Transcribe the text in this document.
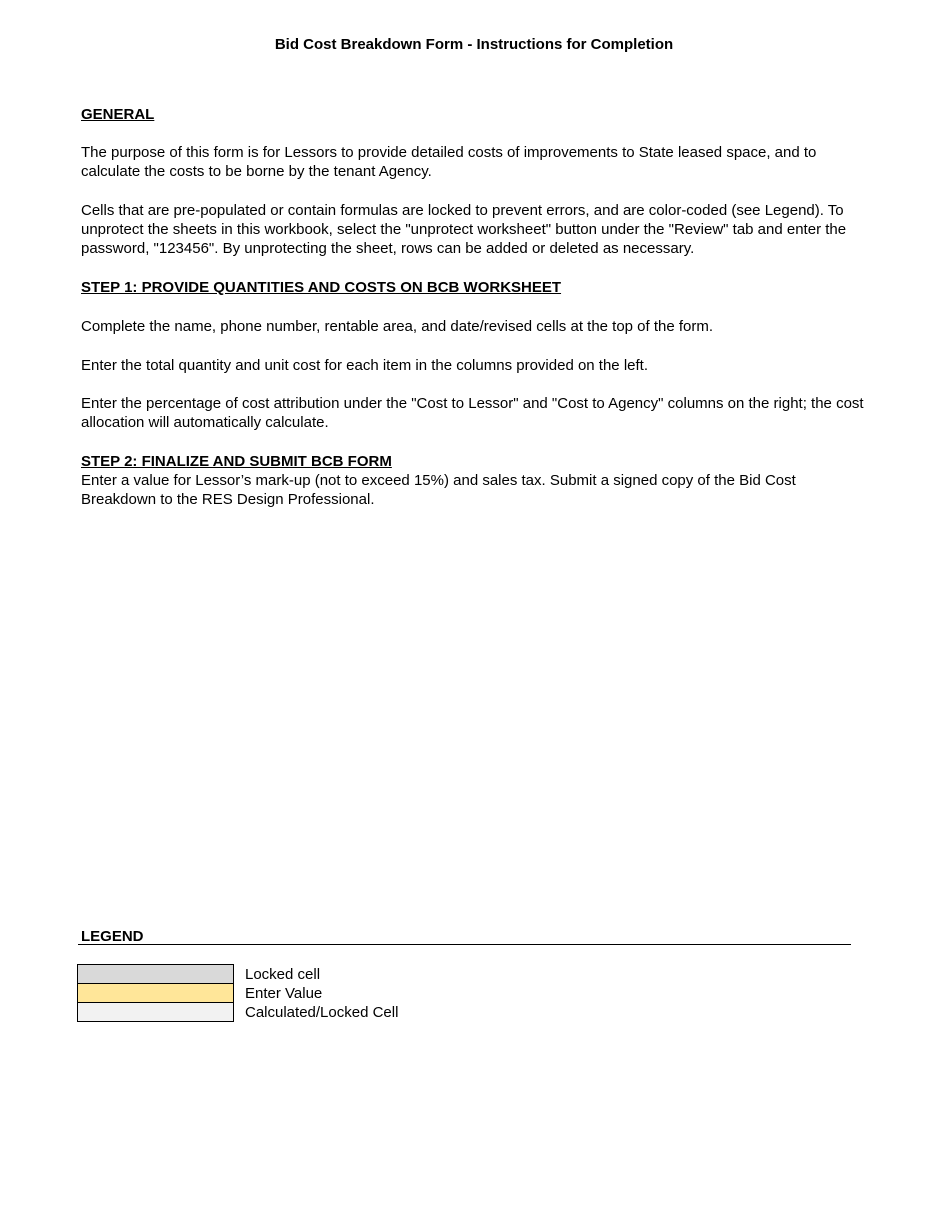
Bid Cost Breakdown Form - Instructions for Completion
GENERAL

The purpose of this form is for Lessors to provide detailed costs of improvements to State leased space, and to calculate the costs to be borne by the tenant Agency.

Cells that are pre-populated or contain formulas are locked to prevent errors, and are color-coded (see Legend). To unprotect the sheets in this workbook, select the "unprotect worksheet" button under the "Review" tab and enter the password, "123456". By unprotecting the sheet, rows can be added or deleted as necessary.

STEP 1: PROVIDE QUANTITIES AND COSTS ON BCB WORKSHEET

Complete the name, phone number, rentable area, and date/revised cells at the top of the form.

Enter the total quantity and unit cost for each item in the columns provided on the left.

Enter the percentage of cost attribution under the "Cost to Lessor" and "Cost to Agency" columns on the right; the cost allocation will automatically calculate.

STEP 2: FINALIZE AND SUBMIT BCB FORM

Enter a value for Lessor’s mark-up (not to exceed 15%) and sales tax. Submit a signed copy of the Bid Cost Breakdown to the RES Design Professional.

LEGEND
Locked cell
Enter Value
Calculated/Locked Cell
